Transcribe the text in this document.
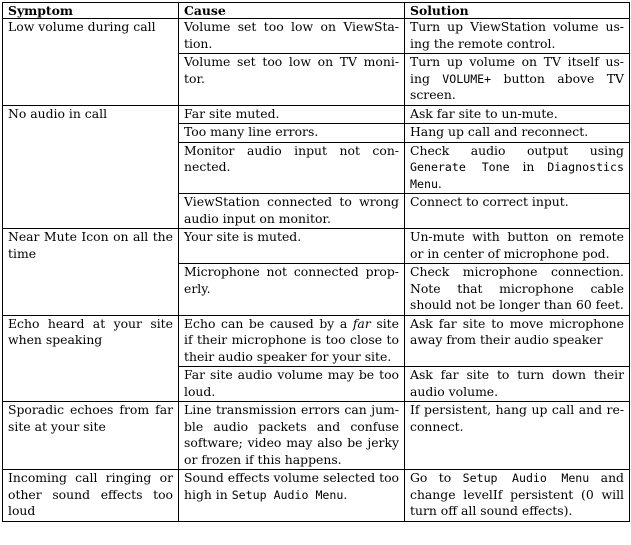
Symptom	Cause	Solution
Low volume during call	Volume set too low on ViewSta-tion.	Turn up ViewStation volume us-ing the remote control.
	Volume set too low on TV moni-tor.	Turn up volume on TV itself us-ing VOLUME+ button above TV screen.
No audio in call	Far site muted.	Ask far site to un-mute.
	Too many line errors.	Hang up call and reconnect.
	Monitor audio input not con-nected.	Check audio output using Generate Tone in Diagnostics Menu.
	ViewStation connected to wrong audio input on monitor.	Connect to correct input.
Near Mute Icon on all the time	Your site is muted.	Un-mute with button on remote or in center of microphone pod.
	Microphone not connected prop-erly.	Check microphone connection. Note that microphone cable should not be longer than 60 feet.
Echo heard at your site when speaking	Echo can be caused by a far site if their microphone is too close to their audio speaker for your site.	Ask far site to move microphone away from their audio speaker
	Far site audio volume may be too loud.	Ask far site to turn down their audio volume.
Sporadic echoes from far site at your site	Line transmission errors can jum-ble audio packets and confuse software; video may also be jerky or frozen if this happens.	If persistent, hang up call and re-connect.
Incoming call ringing or other sound effects too loud	Sound effects volume selected too high in Setup Audio Menu.	Go to Setup Audio Menu and change levelIf persistent (0 will turn off all sound effects).
